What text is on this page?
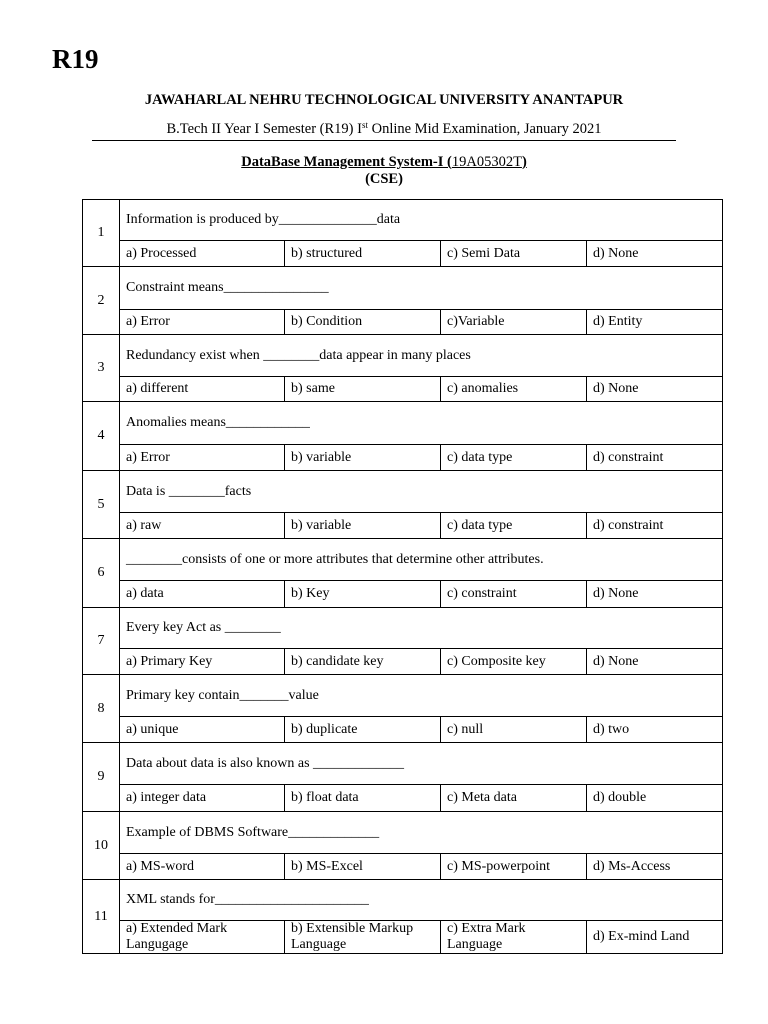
R19
JAWAHARLAL NEHRU TECHNOLOGICAL UNIVERSITY ANANTAPUR
B.Tech II Year I Semester (R19) Ist Online Mid Examination, January 2021
DataBase Management System-I (19A05302T)
(CSE)
1	Information is produced by______________data			
	a) Processed	b) structured	c) Semi Data	d) None
2	Constraint means_______________			
	a) Error	b) Condition	c)Variable	d) Entity
3	Redundancy exist when ________data appear in many places			
	a) different	b) same	c) anomalies	d) None
4	Anomalies means____________			
	a) Error	b) variable	c) data type	d) constraint
5	Data is ________facts			
	a) raw	b) variable	c) data type	d) constraint
6	________consists of one or more attributes that determine other attributes.			
	a) data	b) Key	c) constraint	d) None
7	Every key Act as ________			
	a) Primary Key	b) candidate key	c) Composite key	d) None
8	Primary key contain_______value			
	a) unique	b) duplicate	c) null	d) two
9	Data about data is also known as _____________			
	a) integer data	b) float data	c) Meta data	d) double
10	Example of DBMS Software_____________			
	a) MS-word	b) MS-Excel	c) MS-powerpoint	d) Ms-Access
11	XML stands for______________________			
	a) Extended Mark Langugage	b) Extensible Markup Language	c) Extra Mark Language	d) Ex-mind Land
